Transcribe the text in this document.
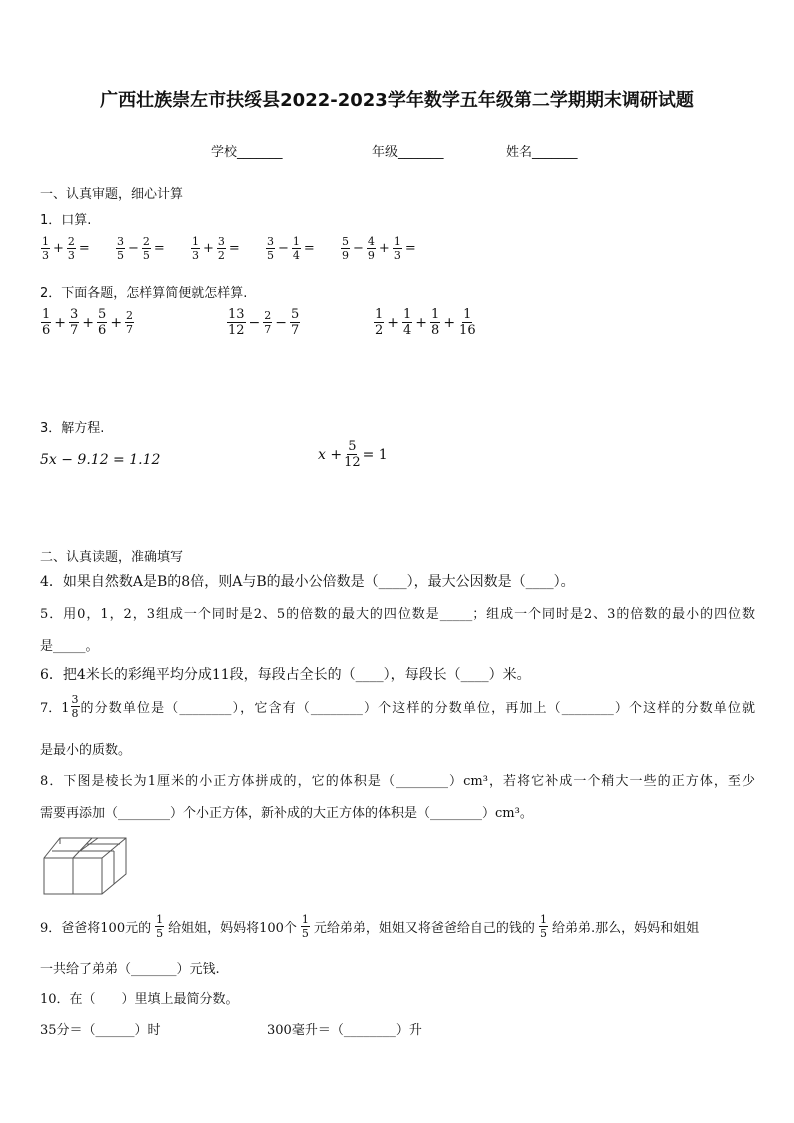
广西壮族崇左市扶绥县2022-2023学年数学五年级第二学期期末调研试题
学校_______	年级_______	姓名_______
一、认真审题，细心计算
1．口算.
$\frac{1}{3} + \frac{2}{3} = \frac{3}{5} - \frac{2}{5} = \frac{1}{3} + \frac{3}{2} = \frac{3}{5} - \frac{1}{4} = \frac{5}{9} - \frac{4}{9} + \frac{1}{3}$ =
2．下面各题，怎样算简便就怎样算.
$\frac{1}{6} + \frac{3}{7} + \frac{5}{6} + \frac{2}{7}$	$\frac{13}{12} - \frac{2}{7} - \frac{5}{7}$	$\frac{1}{2} + \frac{1}{4} + \frac{1}{8} + \frac{1}{16}$
3．解方程.
5x − 9.12 = 1.12	$x + \frac{5}{12} = 1$
二、认真读题，准确填写
4．如果自然数A是B的8倍，则A与B的最小公倍数是（____），最大公因数是（____）。
5．用0，1，2，3组成一个同时是2、5的倍数的最大的四位数是_____；组成一个同时是2、3的倍数的最小的四位数
是_____。
6．把4米长的彩绳平均分成11段，每段占全长的（____），每段长（____）米。
7．$1 \frac{3}{8}$ 的分数单位是（________），它含有（________）个这样的分数单位，再加上（________）个这样的分数单位就
是最小的质数。
8．下图是棱长为1厘米的小正方体拼成的，它的体积是（________）cm³，若将它补成一个稍大一些的正方体，至少
需要再添加（________）个小正方体，新补成的大正方体的体积是（________）cm³。
9．爸爸将100元的 $\frac{1}{5}$ 给姐姐，妈妈将100个 $\frac{1}{5}$ 元给弟弟，姐姐又将爸爸给自己的钱的 $\frac{1}{5}$ 给弟弟.那么，妈妈和姐姐
一共给了弟弟（_______）元钱.
10．在（　　）里填上最简分数。
35分＝（______）时	300毫升＝（________）升
